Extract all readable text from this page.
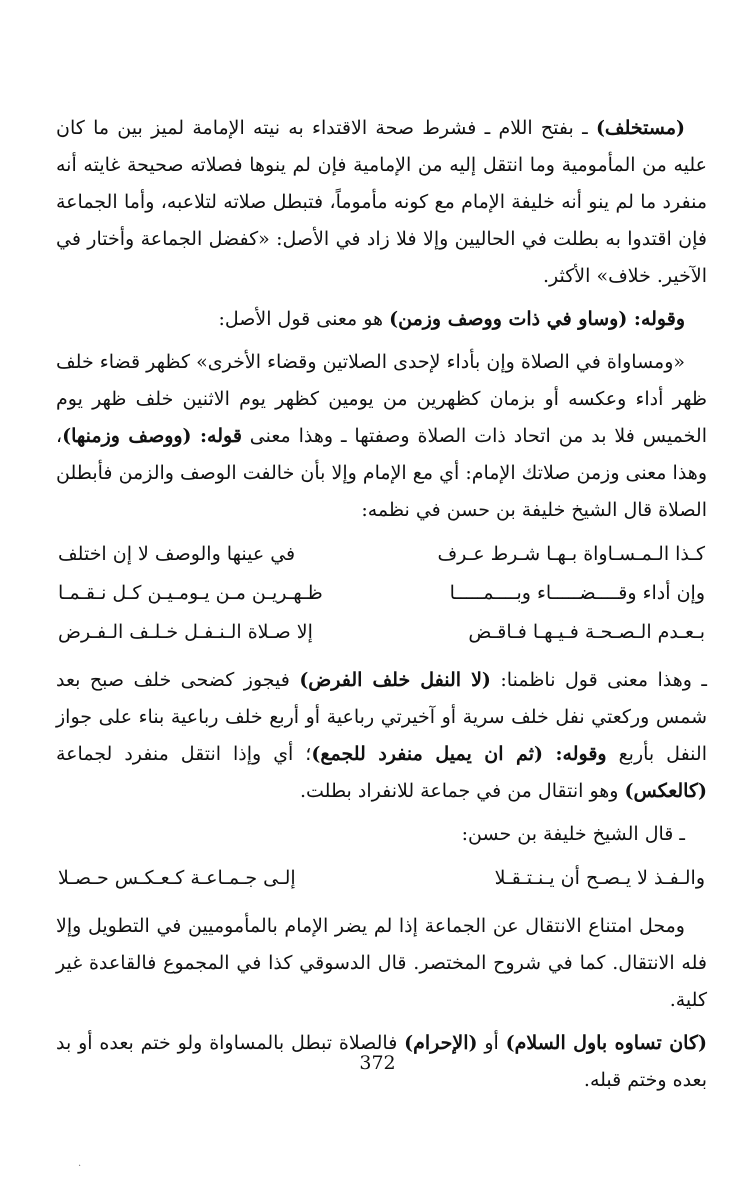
(مستخلف) ـ بفتح اللام ـ فشرط صحة الاقتداء به نيته الإمامة لميز بين ما كان عليه من المأمومية وما انتقل إليه من الإمامية فإن لم ينوها فصلاته صحيحة غايته أنه منفرد ما لم ينو أنه خليفة الإمام مع كونه مأموماً، فتبطل صلاته لتلاعبه، وأما الجماعة فإن اقتدوا به بطلت في الحاليين وإلا فلا زاد في الأصل: «كفضل الجماعة وأختار في الآخير. خلاف» الأكثر.

وقوله: (وساو في ذات ووصف وزمن) هو معنى قول الأصل:

«ومساواة في الصلاة وإن بأداء لإحدى الصلاتين وقضاء الأخرى» كظهر قضاء خلف ظهر أداء وعكسه أو بزمان كظهرين من يومين كظهر يوم الاثنين خلف ظهر يوم الخميس فلا بد من اتحاد ذات الصلاة وصفتها ـ وهذا معنى قوله: (ووصف وزمنها)، وهذا معنى وزمن صلاتك الإمام: أي مع الإمام وإلا بأن خالفت الوصف والزمن فأبطلن الصلاة قال الشيخ خليفة بن حسن في نظمه:

كـذا الـمـسـاواة بـهـا شـرط عـرف
في عينها والوصف لا إن اختلف
وإن أداء وقــــضـــــاء وبــــمـــــا
ظـهـريـن مـن يـومـيـن كـل نـقـمـا
بـعـدم الـصـحـة فـيـهـا فـاقـض
إلا صـلاة الـنـفـل خـلـف الـفـرض

ـ وهذا معنى قول ناظمنا: (لا النفل خلف الفرض) فيجوز كضحى خلف صبح بعد شمس وركعتي نفل خلف سرية أو آخيرتي رباعية أو أربع خلف رباعية بناء على جواز النفل بأربع وقوله: (ثم ان يميل منفرد للجمع)؛ أي وإذا انتقل منفرد لجماعة (كالعكس) وهو انتقال من في جماعة للانفراد بطلت.

ـ قال الشيخ خليفة بن حسن:

والـفـذ لا يـصـح أن يـنـتـقـلا
إلـى جـمـاعـة كـعـكـس حـصـلا

ومحل امتناع الانتقال عن الجماعة إذا لم يضر الإمام بالمأموميين في التطويل وإلا فله الانتقال. كما في شروح المختصر. قال الدسوقي كذا في المجموع فالقاعدة غير كلية.

(كان تساوه باول السلام) أو (الإحرام) فالصلاة تبطل بالمساواة ولو ختم بعده أو بد بعده وختم قبله.

372
.
